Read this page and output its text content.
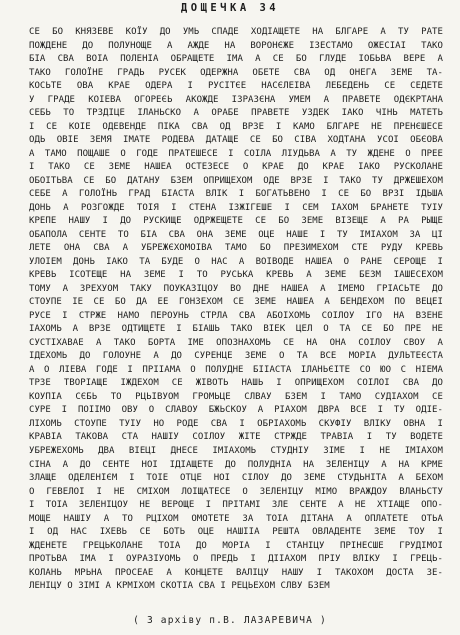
ДОЩЕЧКА 34
СЕ БО КНЯЗЕВЕ КОЇУ ДО УМЬ СПАДЕ ХОДІАЩЕТЕ НА БЛГАРЕ А ТУ РАТЕ
ПОЖДЕНЕ ДО ПОЛУНОЩЕ А АЖДЕ НА ВОРОНЄЖЕ ІЗЕСТАМО ОЖЕСІАІ ТАКО
БІА СВА ВОІА ПОЛЕНІА ОБРАЩЕТЕ ІМА А СЕ БО ГЛУДЕ ІОБЬВА ВЕРЕ А
ТАКО ГОЛОЇНЕ ГРАДЬ РУСЕК ОДЕРЖНА ОБЕТЕ СВА ОД ОНЕГА ЗЕМЕ ТА-
КОСЬТЕ ОВА КРАЕ ОДЕРА І РУСІТЄЕ НАСЄЛЕІВА ЛЕБЕДЕНЬ СЕ СЕДЕТЕ
У ГРАДЕ КОІЕВА ОГОРЕЄЬ АКОЖДЕ ІЗРАЗЄНА УМЕМ А ПРАВЕТЕ ОДЄКРТАНА
СЕБЬ ТО ТРЗДІЦЕ ІЛАНЬСКО А ОРАБЕ ПРАВЕТЕ УЗДЕК ІАКО ЧІНЬ МАТЕТЬ
І СЕ КОІЕ ОДЕВЕНДЕ ПІКА СВА ОД ВРЗЕ І КАМО БЛГАРЕ НЕ ПРЕНЄШЕСЕ
ОДЬ ОВІЕ ЗЕМЯ ІМАТЕ РОДЕВА ДАТАЩЕ СЕ БО СІВА ХОДТАНА УСОІ ОБЄОВА
А ТАМО ПОЩАШЕ О ГОДЕ ПРАТЕШЕСЕ І СОІЛА ЛІУДЬВА А ТУ ЖДЕНЕ О ПРЕЕ
І ТАКО СЕ ЗЕМЕ НАШЕА ОСТЕЗЕСЕ О КРАЕ ДО КРАЕ ІАКО РУСКОЛАНЕ
ОБОІТЬВА СЕ БО ДАТАНУ БЗЕМ ОПРИЩЕХОМ ОДЕ ВРЗЕ І ТАКО ТУ ДРЖЕШЕХОМ
СЕБЕ А ГОЛОЇНЬ ГРАД БІАСТА ВЛІК І БОГАТЬВЕНО І СЕ БО ВРЗІ ІДЬША
ДОНЬ А РОЗГОЖДЕ ТОІЯ І СТЕНА ІЗЖІГЕШЕ І СЕМ ІАХОМ БРАНЕТЕ ТУІУ
КРЕПЕ НАШУ І ДО РУСКИЩЕ ОДРЖЕЩЕТЕ СЕ БО ЗЕМЕ ВІЗЕЩЕ А РА РЫЩЕ
ОБАПОЛА СЕНТЕ ТО БІА СВА ОНА ЗЕМЕ ОЦЕ НАШЕ І ТУ ІМІАХОМ ЗА ЦІ
ЛЕТЕ ОНА СВА А УБРЕЖЄХОМОІВА ТАМО БО ПРЕЗИМЕХОМ СТЕ РУДУ КРЕВЬ
УЛОІЕМ ДОНЬ ІАКО ТА БУДЕ О НАС А ВОІВОДЕ НАШЕА О РАНЕ СЕРОЩЕ І
КРЕВЬ ІСОТЕЩЕ НА ЗЕМЕ І ТО РУСЬКА КРЕВЬ А ЗЕМЕ БЕЗМ ІАШЕСЕХОМ
ТОМУ А ЗРЕХУОМ ТАКУ ПОУКАЗІЦОУ ВО ДНЕ НАШЕА А ІМЕМО ГРІАСЬТЕ ДО
СТОУПЕ ІЕ СЕ БО ДА ЕЕ ГОНЗЕХОМ СЕ ЗЕМЕ НАШЕА А БЕНДЕХОМ ПО ВЕЦЕІ
РУСЕ І СТРЖЕ НАМО ПЕРОУНЬ СТРЛА СВА АБОІХОМЬ СОІЛОУ ІГО НА ВЗЕНЕ
ІАХОМЬ А ВРЗЕ ОДТИЩЕТЕ І БІАШЬ ТАКО ВІЕК ЦЕЛ О ТА СЕ БО ПРЕ НЕ
СУСТІХАВАЕ А ТАКО БОРТА ІМЕ ОПОЗНАХОМЬ СЕ НА ОНА СОІЛОУ СВОУ А
ІДЕХОМЬ ДО ГОЛОУНЕ А ДО СУРЕНЦЕ ЗЕМЕ О ТА ВСЕ МОРІА ДУЛЬТЕЄСТА
А О ЛІЕВА ГОДЕ І ПРІІАМА О ПОЛУДНЕ БІІАСТА ІЛАНЬЄІТЕ СО ЮО С НІЕМА
ТРЗЕ ТВОРІАЩЕ ІЖДЕХОМ СЕ ЖІВОТЬ НАШЬ І ОПРИЩЕХОМ СОІЛОІ СВА ДО
КОУПІА СЄБЬ ТО РЦЬІВУОМ ГРОМЬЦЕ СЛВАУ БЗЕМ І ТАМО СУДІАХОМ СЕ
СУРЕ І ПОІІМО ОВУ О СЛАВОУ БЖЬСКОУ А РІАХОМ ДВРА ВСЕ І ТУ ОДІЕ-
ЛІХОМЬ СТОУПЕ ТУІУ НО РОДЕ СВА І ОБРІАХОМЬ СКУФІУ ВЛІКУ ОВНА І
КРАВІА ТАКОВА СТА НАШІУ СОІЛОУ ЖІТЕ СТРЖДЕ ТРАВІА І ТУ ВОДЕТЕ
УБРЕЖЕХОМЬ ДВА ВІЕЦІ ДНЕСЕ ІМІАХОМЬ СТУДНІУ ЗІМЕ І НЕ ІМІАХОМ
СІНА А ДО СЕНТЕ НОІ ІДІАЩЕТЕ ДО ПОЛУДНІА НА ЗЕЛЕНІЦУ А НА КРМЕ
ЗЛАЩЕ ОДЕЛЕНІЄМ І ТОІЕ ОТЦЕ НОІ СІЛОУ ДО ЗЕМЕ СТУДЬНІТА А БЕХОМ
О ГЕВЕЛОІ І НЕ СМІХОМ ЛОІЩАТЕСЕ О ЗЕЛЕНІЦУ МІМО ВРАЖДОУ ВЛАНЬСТУ
І ТОІА ЗЕЛЕНІЦОУ НЕ ВЕРОЩЕ І ПРІТАМІ ЗЛЕ СЕНТЕ А НЕ ХТІАЩЕ ОПО-
МОЩЕ НАШІУ А ТО РЦІХОМ ОМОТЕТЕ ЗА ТОІА ДІТАНА А ОПЛАТЕТЕ ОТЬА
І ОД НАС ІХЕВЬ СЕ БОТЬ ОЦЕ НАШІІА РЕШТА ОВЛАДЕНТЕ ЗЕМЕ ТОУ І
ЖДЕНЕТЕ ГРЕЦЬКОЛАНЕ ТОІА ДО МОРІА І СТАНІЦУ ПРІНЕСШЕ ГРУДІМОІ
ПРОТЬВА ІМА І ОУРАЗІУОМЬ О ПРЕДЬ І ДІІАХОМ ПРІУ ВЛІКУ І ГРЕЦЬ-
КОЛАНЬ МРЬНА ПРОСЕАЕ А КОНЦЕТЕ ВАЛІЦУ НАШУ І ТАКОХОМ ДОСТА ЗЕ-
ЛЕНІЦУ О ЗІМІ А КРМІХОМ СКОТІА СВА І РЕЦЬЕХОМ СЛВУ БЗЕМ
( З архіву п.В. ЛАЗАРЕВИЧА )
